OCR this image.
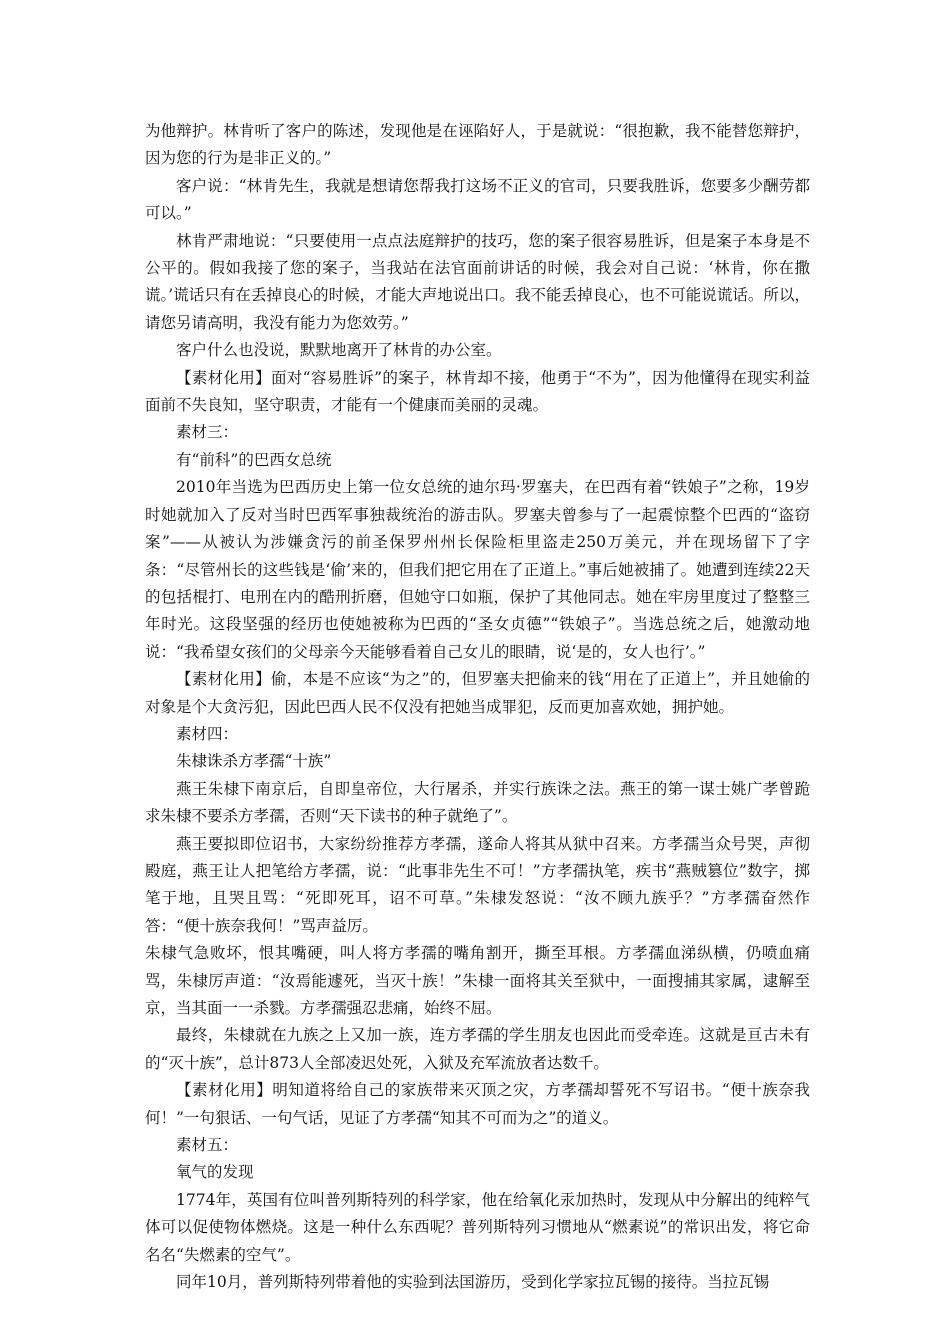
为他辩护。林肯听了客户的陈述，发现他是在诬陷好人，于是就说：“很抱歉，我不能替您辩护，因为您的行为是非正义的。”

客户说：“林肯先生，我就是想请您帮我打这场不正义的官司，只要我胜诉，您要多少酬劳都可以。”

林肯严肃地说：“只要使用一点点法庭辩护的技巧，您的案子很容易胜诉，但是案子本身是不公平的。假如我接了您的案子，当我站在法官面前讲话的时候，我会对自己说：‘林肯，你在撒谎。’谎话只有在丢掉良心的时候，才能大声地说出口。我不能丢掉良心，也不可能说谎话。所以，请您另请高明，我没有能力为您效劳。”

客户什么也没说，默默地离开了林肯的办公室。

【素材化用】面对“容易胜诉”的案子，林肯却不接，他勇于“不为”，因为他懂得在现实利益面前不失良知，坚守职责，才能有一个健康而美丽的灵魂。

素材三：

有“前科”的巴西女总统

2010年当选为巴西历史上第一位女总统的迪尔玛·罗塞夫，在巴西有着“铁娘子”之称，19岁时她就加入了反对当时巴西军事独裁统治的游击队。罗塞夫曾参与了一起震惊整个巴西的“盗窃案”——从被认为涉嫌贪污的前圣保罗州州长保险柜里盗走250万美元，并在现场留下了字条：“尽管州长的这些钱是‘偷’来的，但我们把它用在了正道上。”事后她被捕了。她遭到连续22天的包括棍打、电刑在内的酷刑折磨，但她守口如瓶，保护了其他同志。她在牢房里度过了整整三年时光。这段坚强的经历也使她被称为巴西的“圣女贞德”“铁娘子”。当选总统之后，她激动地说：“我希望女孩们的父母亲今天能够看着自己女儿的眼睛，说‘是的，女人也行’。”

【素材化用】偷，本是不应该“为之”的，但罗塞夫把偷来的钱“用在了正道上”，并且她偷的对象是个大贪污犯，因此巴西人民不仅没有把她当成罪犯，反而更加喜欢她，拥护她。

素材四：

朱棣诛杀方孝孺“十族”

燕王朱棣下南京后，自即皇帝位，大行屠杀，并实行族诛之法。燕王的第一谋士姚广孝曾跪求朱棣不要杀方孝孺，否则“天下读书的种子就绝了”。

燕王要拟即位诏书，大家纷纷推荐方孝孺，遂命人将其从狱中召来。方孝孺当众号哭，声彻殿庭，燕王让人把笔给方孝孺，说：“此事非先生不可！”方孝孺执笔，疾书“燕贼篡位”数字，掷笔于地，且哭且骂：“死即死耳，诏不可草。”朱棣发怒说：“汝不顾九族乎？”方孝孺奋然作答：“便十族奈我何！”骂声益厉。

朱棣气急败坏，恨其嘴硬，叫人将方孝孺的嘴角割开，撕至耳根。方孝孺血涕纵横，仍喷血痛骂，朱棣厉声道：“汝焉能遽死，当灭十族！”朱棣一面将其关至狱中，一面搜捕其家属，逮解至京，当其面一一杀戮。方孝孺强忍悲痛，始终不屈。

最终，朱棣就在九族之上又加一族，连方孝孺的学生朋友也因此而受牵连。这就是亘古未有的“灭十族”，总计873人全部凌迟处死，入狱及充军流放者达数千。

【素材化用】明知道将给自己的家族带来灭顶之灾，方孝孺却誓死不写诏书。“便十族奈我何！”一句狠话、一句气话，见证了方孝孺“知其不可而为之”的道义。

素材五：

氧气的发现

1774年，英国有位叫普列斯特列的科学家，他在给氧化汞加热时，发现从中分解出的纯粹气体可以促使物体燃烧。这是一种什么东西呢？普列斯特列习惯地从“燃素说”的常识出发，将它命名名“失燃素的空气”。

同年10月，普列斯特列带着他的实验到法国游历，受到化学家拉瓦锡的接待。当拉瓦锡
